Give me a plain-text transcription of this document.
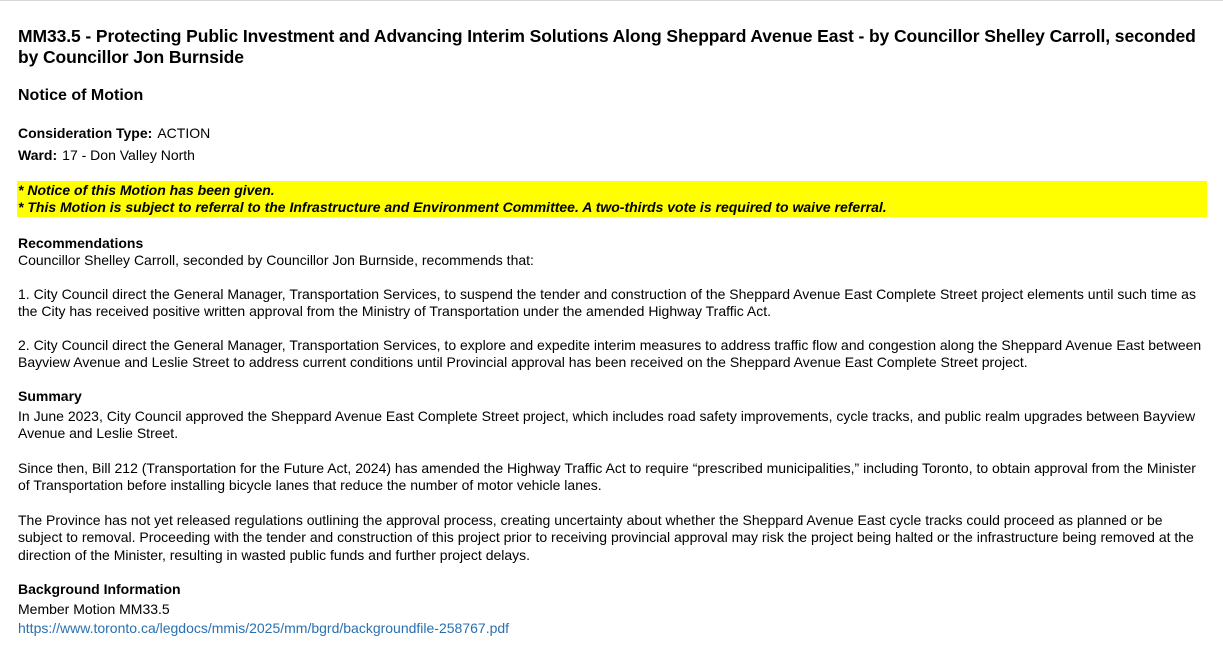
MM33.5 - Protecting Public Investment and Advancing Interim Solutions Along Sheppard Avenue East - by Councillor Shelley Carroll, seconded by Councillor Jon Burnside
Notice of Motion
Consideration Type: ACTION
Ward: 17 - Don Valley North
* Notice of this Motion has been given.
* This Motion is subject to referral to the Infrastructure and Environment Committee. A two-thirds vote is required to waive referral.
Recommendations

Councillor Shelley Carroll, seconded by Councillor Jon Burnside, recommends that:

1. City Council direct the General Manager, Transportation Services, to suspend the tender and construction of the Sheppard Avenue East Complete Street project elements until such time as the City has received positive written approval from the Ministry of Transportation under the amended Highway Traffic Act.

2. City Council direct the General Manager, Transportation Services, to explore and expedite interim measures to address traffic flow and congestion along the Sheppard Avenue East between Bayview Avenue and Leslie Street to address current conditions until Provincial approval has been received on the Sheppard Avenue East Complete Street project.

Summary

In June 2023, City Council approved the Sheppard Avenue East Complete Street project, which includes road safety improvements, cycle tracks, and public realm upgrades between Bayview Avenue and Leslie Street.

Since then, Bill 212 (Transportation for the Future Act, 2024) has amended the Highway Traffic Act to require “prescribed municipalities,” including Toronto, to obtain approval from the Minister of Transportation before installing bicycle lanes that reduce the number of motor vehicle lanes.

The Province has not yet released regulations outlining the approval process, creating uncertainty about whether the Sheppard Avenue East cycle tracks could proceed as planned or be subject to removal. Proceeding with the tender and construction of this project prior to receiving provincial approval may risk the project being halted or the infrastructure being removed at the direction of the Minister, resulting in wasted public funds and further project delays.

Background Information
Member Motion MM33.5
https://www.toronto.ca/legdocs/mmis/2025/mm/bgrd/backgroundfile-258767.pdf
